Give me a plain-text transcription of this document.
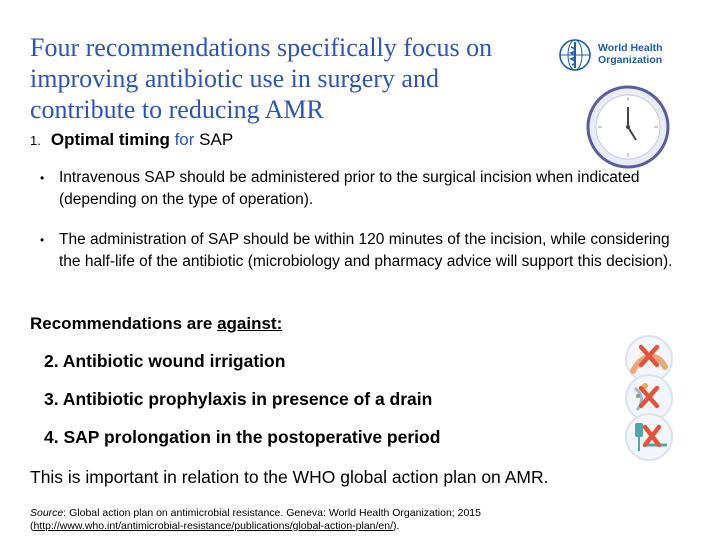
Four recommendations specifically focus on
improving antibiotic use in surgery and
contribute to reducing AMR
World Health
Organization
1. Optimal timing for SAP
• Intravenous SAP should be administered prior to the surgical incision when indicated (depending on the type of operation).
• The administration of SAP should be within 120 minutes of the incision, while considering the half-life of the antibiotic (microbiology and pharmacy advice will support this decision).
Recommendations are against:
2. Antibiotic wound irrigation
3. Antibiotic prophylaxis in presence of a drain
4. SAP prolongation in the postoperative period
This is important in relation to the WHO global action plan on AMR.
Source: Global action plan on antimicrobial resistance. Geneva: World Health Organization; 2015
(http://www.who.int/antimicrobial-resistance/publications/global-action-plan/en/).
